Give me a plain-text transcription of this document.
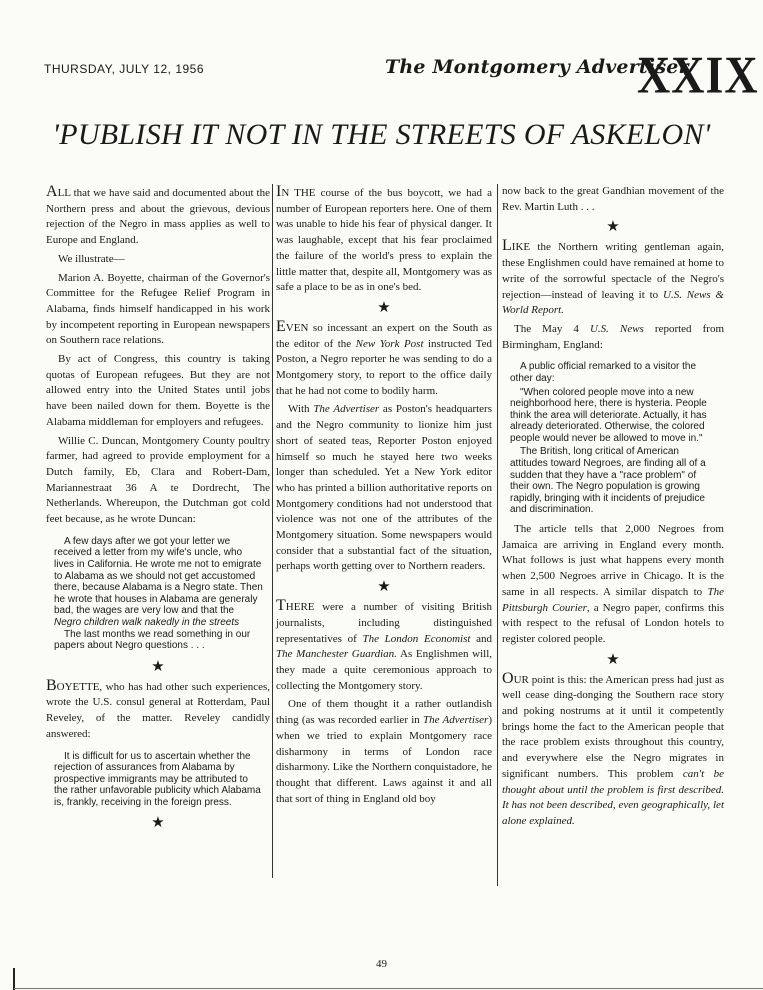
THURSDAY, JULY 12, 1956	The Montgomery Advertiser
XXIX
'PUBLISH IT NOT IN THE STREETS OF ASKELON'

ALL that we have said and documented about the Northern press and about the grievous, devious rejection of the Negro in mass applies as well to Europe and England.

We illustrate—

Marion A. Boyette, chairman of the Governor's Committee for the Refugee Relief Program in Alabama, finds himself handicapped in his work by incompetent reporting in European newspapers on Southern race relations.

By act of Congress, this country is taking quotas of European refugees. But they are not allowed entry into the United States until jobs have been nailed down for them. Boyette is the Alabama middleman for employers and refugees.

Willie C. Duncan, Montgomery County poultry farmer, had agreed to provide employment for a Dutch family, Eb, Clara and Robert-Dam, Mariannestraat 36 A te Dordrecht, The Netherlands. Whereupon, the Dutchman got cold feet because, as he wrote Duncan:

A few days after we got your letter we received a letter from my wife's uncle, who lives in California. He wrote me not to emigrate to Alabama as we should not get accustomed there, because Alabama is a Negro state. Then he wrote that houses in Alabama are generaly bad, the wages are very low and that the Negro children walk nakedly in the streets
The last months we read something in our papers about Negro questions . . .
★

BOYETTE, who has had other such experiences, wrote the U.S. consul general at Rotterdam, Paul Reveley, of the matter. Reveley candidly answered:

It is difficult for us to ascertain whether the rejection of assurances from Alabama by prospective immigrants may be attributed to the rather unfavorable publicity which Alabama is, frankly, receiving in the foreign press.
★

IN THE course of the bus boycott, we had a number of European reporters here. One of them was unable to hide his fear of physical danger. It was laughable, except that his fear proclaimed the failure of the world's press to explain the little matter that, despite all, Montgomery was as safe a place to be as in one's bed.

★

EVEN so incessant an expert on the South as the editor of the New York Post instructed Ted Poston, a Negro reporter he was sending to do a Montgomery story, to report to the office daily that he had not come to bodily harm.

With The Advertiser as Poston's headquarters and the Negro community to lionize him just short of seated teas, Reporter Poston enjoyed himself so much he stayed here two weeks longer than scheduled. Yet a New York editor who has printed a billion authoritative reports on Montgomery conditions had not understood that violence was not one of the attributes of the Montgomery situation. Some newspapers would consider that a substantial fact of the situation, perhaps worth getting over to Northern readers.

★

THERE were a number of visiting British journalists, including distinguished representatives of The London Economist and The Manchester Guardian. As Englishmen will, they made a quite ceremonious approach to collecting the Montgomery story.

One of them thought it a rather outlandish thing (as was recorded earlier in The Advertiser) when we tried to explain Montgomery race disharmony in terms of London race disharmony. Like the Northern conquistadore, he thought that different. Laws against it and all that sort of thing in England old boy

now back to the great Gandhian movement of the Rev. Martin Luth . . .

★

LIKE the Northern writing gentleman again, these Englishmen could have remained at home to write of the sorrowful spectacle of the Negro's rejection—instead of leaving it to U.S. News & World Report.

The May 4 U.S. News reported from Birmingham, England:

A public official remarked to a visitor the other day:
"When colored people move into a new neighborhood here, there is hysteria. People think the area will deteriorate. Actually, it has already deteriorated. Otherwise, the colored people would never be allowed to move in."
The British, long critical of American attitudes toward Negroes, are finding all of a sudden that they have a "race problem" of their own. The Negro population is growing rapidly, bringing with it incidents of prejudice and discrimination.

The article tells that 2,000 Negroes from Jamaica are arriving in England every month. What follows is just what happens every month when 2,500 Negroes arrive in Chicago. It is the same in all respects. A similar dispatch to The Pittsburgh Courier, a Negro paper, confirms this with respect to the refusal of London hotels to register colored people.

★

OUR point is this: the American press had just as well cease ding-donging the Southern race story and poking nostrums at it until it competently brings home the fact to the American people that the race problem exists throughout this country, and everywhere else the Negro migrates in significant numbers. This problem can't be thought about until the problem is first described. It has not been described, even geographically, let alone explained.

49
